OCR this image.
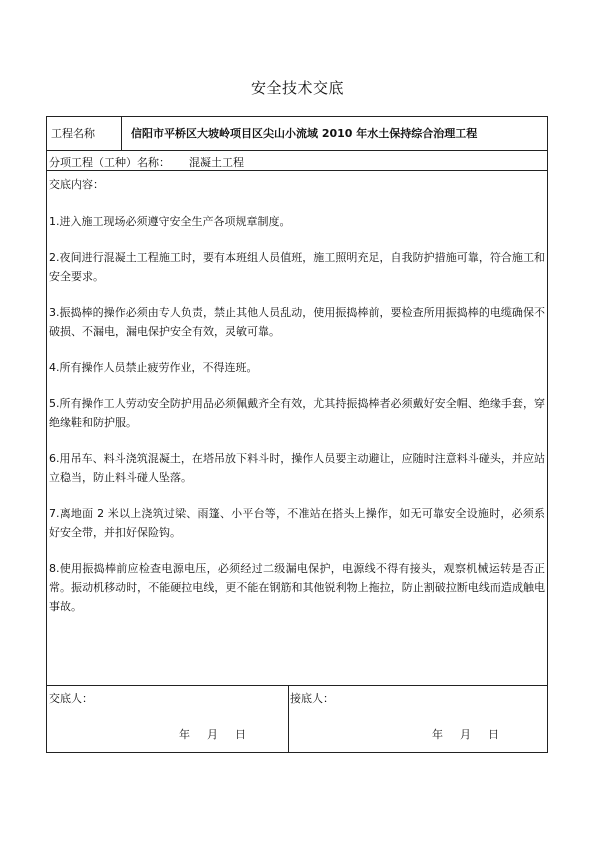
安全技术交底
工程名称	信阳市平桥区大坡岭项目区尖山小流域 2010 年水土保持综合治理工程
分项工程（工种）名称： 混凝土工程

交底内容：

1.进入施工现场必须遵守安全生产各项规章制度。

2.夜间进行混凝土工程施工时，要有本班组人员值班，施工照明充足，自我防护措施可靠，符合施工和安全要求。

3.振捣棒的操作必须由专人负责，禁止其他人员乱动，使用振捣棒前，要检查所用振捣棒的电缆确保不破损、不漏电，漏电保护安全有效，灵敏可靠。

4.所有操作人员禁止疲劳作业，不得连班。

5.所有操作工人劳动安全防护用品必须佩戴齐全有效，尤其持振捣棒者必须戴好安全帽、绝缘手套，穿绝缘鞋和防护服。

6.用吊车、料斗浇筑混凝土，在塔吊放下料斗时，操作人员要主动避让，应随时注意料斗碰头，并应站立稳当，防止料斗碰人坠落。

7.离地面 2 米以上浇筑过梁、雨篷、小平台等，不准站在搭头上操作，如无可靠安全设施时，必须系好安全带，并扣好保险钩。

8.使用振捣棒前应检查电源电压，必须经过二级漏电保护，电源线不得有接头，观察机械运转是否正常。振动机移动时，不能硬拉电线，更不能在钢筋和其他锐利物上拖拉，防止割破拉断电线而造成触电事故。

交底人：	接底人：
年 月 日	年 月 日
